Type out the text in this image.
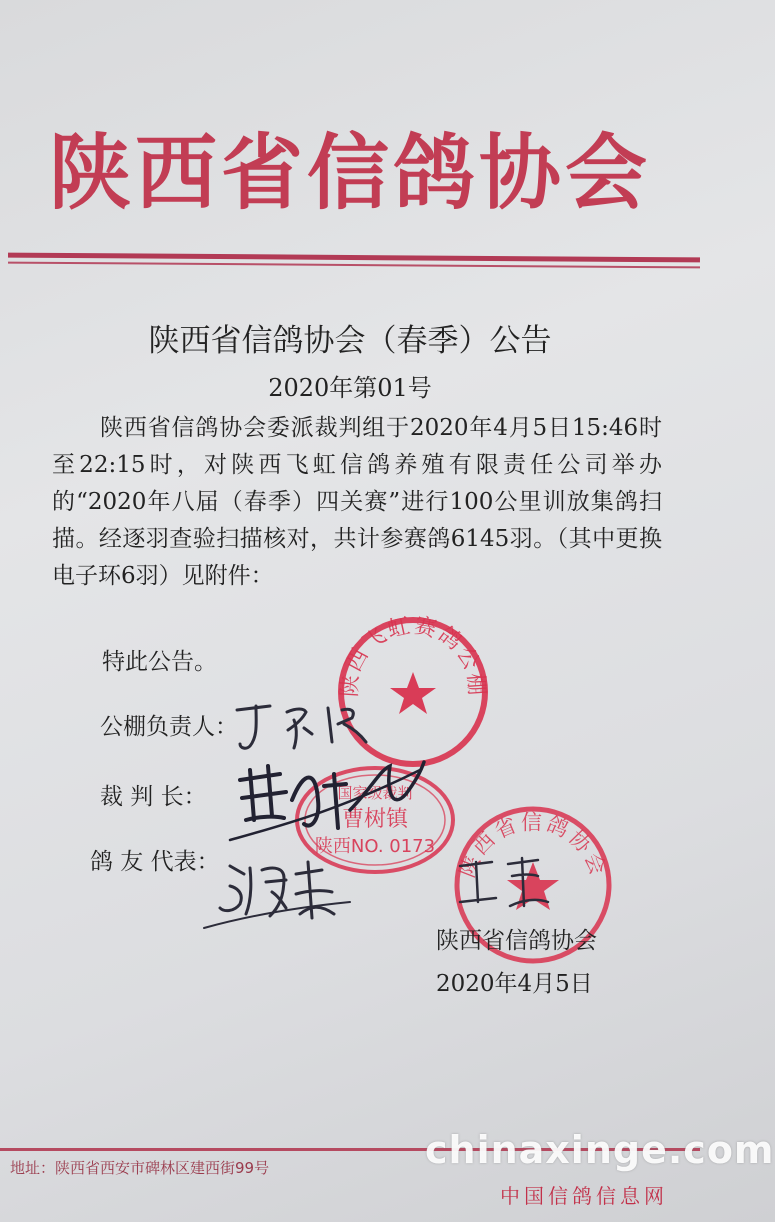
陕西省信鸽协会
陕西省信鸽协会（春季）公告
2020年第01号

陕西省信鸽协会委派裁判组于2020年4月5日15:46时至22:15时，对陕西飞虹信鸽养殖有限责任公司举办的“2020年八届（春季）四关赛”进行100公里训放集鸽扫描。经逐羽查验扫描核对，共计参赛鸽6145羽。（其中更换电子环6羽）见附件：

特此公告。
陕西飞虹赛鸽公棚
国家级裁判
曹树镇
陕西NO. 0173
陕西省信鸽协会
公棚负责人：
裁 判 长：
鸽 友 代表：
陕西省信鸽协会
2020年4月5日
地址：陕西省西安市碑林区建西街99号	chinaxinge.com
中国信鸽信息网
